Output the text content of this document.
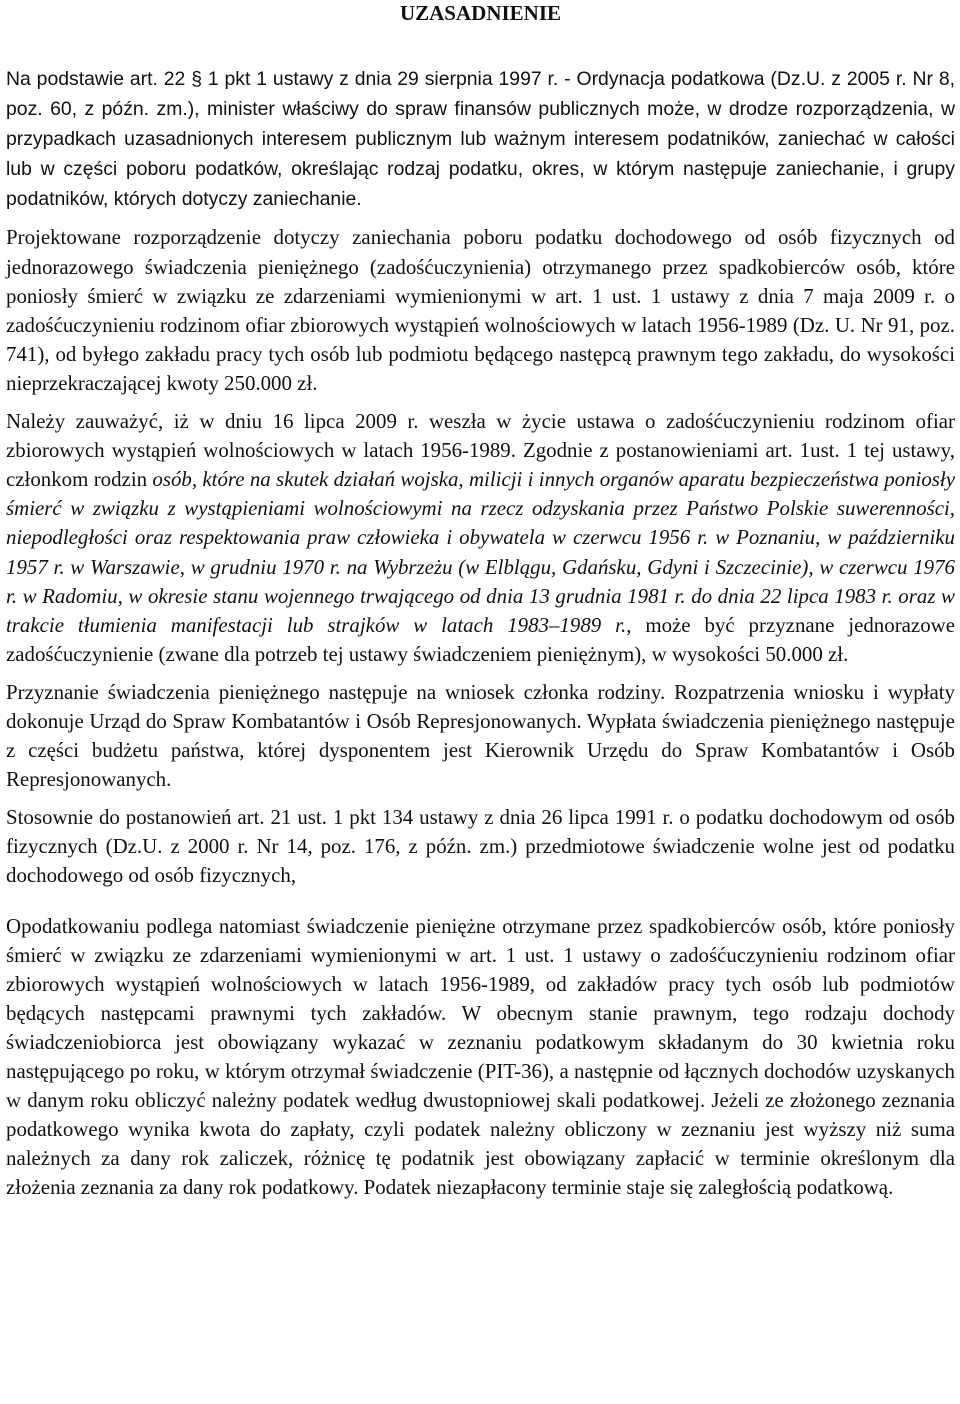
UZASADNIENIE

Na podstawie art. 22 § 1 pkt 1 ustawy z dnia 29 sierpnia 1997 r. - Ordynacja podatkowa (Dz.U. z 2005 r. Nr 8, poz. 60, z późn. zm.), minister właściwy do spraw finansów publicznych może, w drodze rozporządzenia, w przypadkach uzasadnionych interesem publicznym lub ważnym interesem podatników, zaniechać w całości lub w części poboru podatków, określając rodzaj podatku, okres, w którym następuje zaniechanie, i grupy podatników, których dotyczy zaniechanie.

Projektowane rozporządzenie dotyczy zaniechania poboru podatku dochodowego od osób fizycznych od jednorazowego świadczenia pieniężnego (zadośćuczynienia) otrzymanego przez spadkobierców osób, które poniosły śmierć w związku ze zdarzeniami wymienionymi w art. 1 ust. 1 ustawy z dnia 7 maja 2009 r. o zadośćuczynieniu rodzinom ofiar zbiorowych wystąpień wolnościowych w latach 1956-1989 (Dz. U. Nr 91, poz. 741), od byłego zakładu pracy tych osób lub podmiotu będącego następcą prawnym tego zakładu, do wysokości nieprzekraczającej kwoty 250.000 zł.

Należy zauważyć, iż w dniu 16 lipca 2009 r. weszła w życie ustawa o zadośćuczynieniu rodzinom ofiar zbiorowych wystąpień wolnościowych w latach 1956-1989. Zgodnie z postanowieniami art. 1ust. 1 tej ustawy, członkom rodzin osób, które na skutek działań wojska, milicji i innych organów aparatu bezpieczeństwa poniosły śmierć w związku z wystąpieniami wolnościowymi na rzecz odzyskania przez Państwo Polskie suwerenności, niepodległości oraz respektowania praw człowieka i obywatela w czerwcu 1956 r. w Poznaniu, w październiku 1957 r. w Warszawie, w grudniu 1970 r. na Wybrzeżu (w Elblągu, Gdańsku, Gdyni i Szczecinie), w czerwcu 1976 r. w Radomiu, w okresie stanu wojennego trwającego od dnia 13 grudnia 1981 r. do dnia 22 lipca 1983 r. oraz w trakcie tłumienia manifestacji lub strajków w latach 1983–1989 r., może być przyznane jednorazowe zadośćuczynienie (zwane dla potrzeb tej ustawy świadczeniem pieniężnym), w wysokości 50.000 zł.

Przyznanie świadczenia pieniężnego następuje na wniosek członka rodziny. Rozpatrzenia wniosku i wypłaty dokonuje Urząd do Spraw Kombatantów i Osób Represjonowanych. Wypłata świadczenia pieniężnego następuje z części budżetu państwa, której dysponentem jest Kierownik Urzędu do Spraw Kombatantów i Osób Represjonowanych.

Stosownie do postanowień art. 21 ust. 1 pkt 134 ustawy z dnia 26 lipca 1991 r. o podatku dochodowym od osób fizycznych (Dz.U. z 2000 r. Nr 14, poz. 176, z późn. zm.) przedmiotowe świadczenie wolne jest od podatku dochodowego od osób fizycznych,

Opodatkowaniu podlega natomiast świadczenie pieniężne otrzymane przez spadkobierców osób, które poniosły śmierć w związku ze zdarzeniami wymienionymi w art. 1 ust. 1 ustawy o zadośćuczynieniu rodzinom ofiar zbiorowych wystąpień wolnościowych w latach 1956-1989, od zakładów pracy tych osób lub podmiotów będących następcami prawnymi tych zakładów. W obecnym stanie prawnym, tego rodzaju dochody świadczeniobiorca jest obowiązany wykazać w zeznaniu podatkowym składanym do 30 kwietnia roku następującego po roku, w którym otrzymał świadczenie (PIT-36), a następnie od łącznych dochodów uzyskanych w danym roku obliczyć należny podatek według dwustopniowej skali podatkowej. Jeżeli ze złożonego zeznania podatkowego wynika kwota do zapłaty, czyli podatek należny obliczony w zeznaniu jest wyższy niż suma należnych za dany rok zaliczek, różnicę tę podatnik jest obowiązany zapłacić w terminie określonym dla złożenia zeznania za dany rok podatkowy. Podatek niezapłacony terminie staje się zaległością podatkową.
